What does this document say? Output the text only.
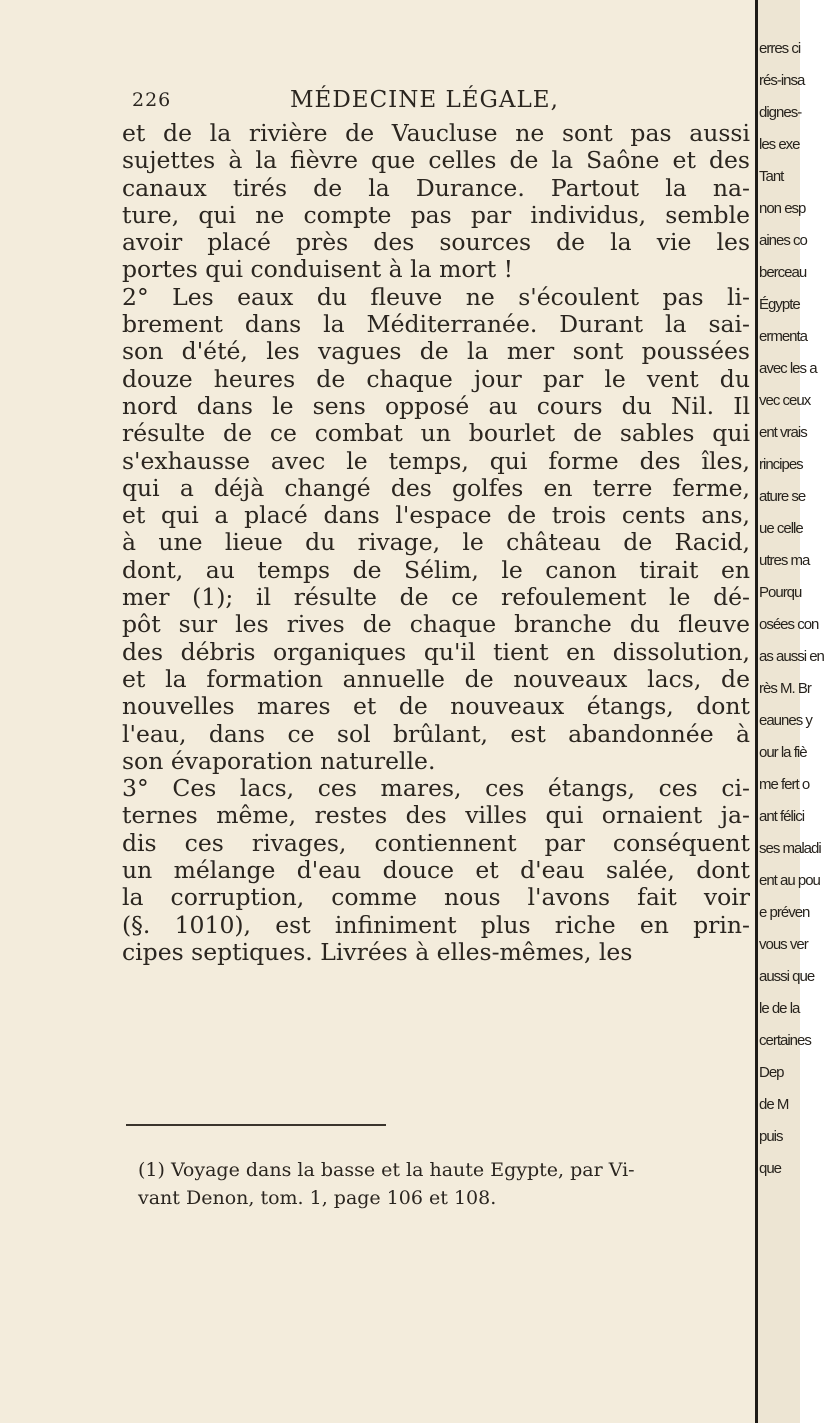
226	MÉDECINE LÉGALE,
et de la rivière de Vaucluse ne sont pas aussi
sujettes à la fièvre que celles de la Saône et des
canaux tirés de la Durance. Partout la na-
ture, qui ne compte pas par individus, semble
avoir placé près des sources de la vie les
portes qui conduisent à la mort !
2° Les eaux du fleuve ne s'écoulent pas li-
brement dans la Méditerranée. Durant la sai-
son d'été, les vagues de la mer sont poussées
douze heures de chaque jour par le vent du
nord dans le sens opposé au cours du Nil. Il
résulte de ce combat un bourlet de sables qui
s'exhausse avec le temps, qui forme des îles,
qui a déjà changé des golfes en terre ferme,
et qui a placé dans l'espace de trois cents ans,
à une lieue du rivage, le château de Racid,
dont, au temps de Sélim, le canon tirait en
mer (1); il résulte de ce refoulement le dé-
pôt sur les rives de chaque branche du fleuve
des débris organiques qu'il tient en dissolution,
et la formation annuelle de nouveaux lacs, de
nouvelles mares et de nouveaux étangs, dont
l'eau, dans ce sol brûlant, est abandonnée à
son évaporation naturelle.
3° Ces lacs, ces mares, ces étangs, ces ci-
ternes même, restes des villes qui ornaient ja-
dis ces rivages, contiennent par conséquent
un mélange d'eau douce et d'eau salée, dont
la corruption, comme nous l'avons fait voir
(§. 1010), est infiniment plus riche en prin-
cipes septiques. Livrées à elles-mêmes, les
(1) Voyage dans la basse et la haute Egypte, par Vi-
vant Denon, tom. 1, page 106 et 108.
erres ci
rés-insa
dignes-
les exe
Tant
non esp
aines co
berceau
Égypte
ermenta
avec les a
vec ceux
ent vrais
rincipes
ature se
ue celle
utres ma
Pourqu
osées con
as aussi en
rès M. Br
eaunes y
our la fiè
me fert o
ant félici
ses maladi
ent au pou
e préven
vous ver
aussi que
le de la
certaines
Dep
de M
puis
que
